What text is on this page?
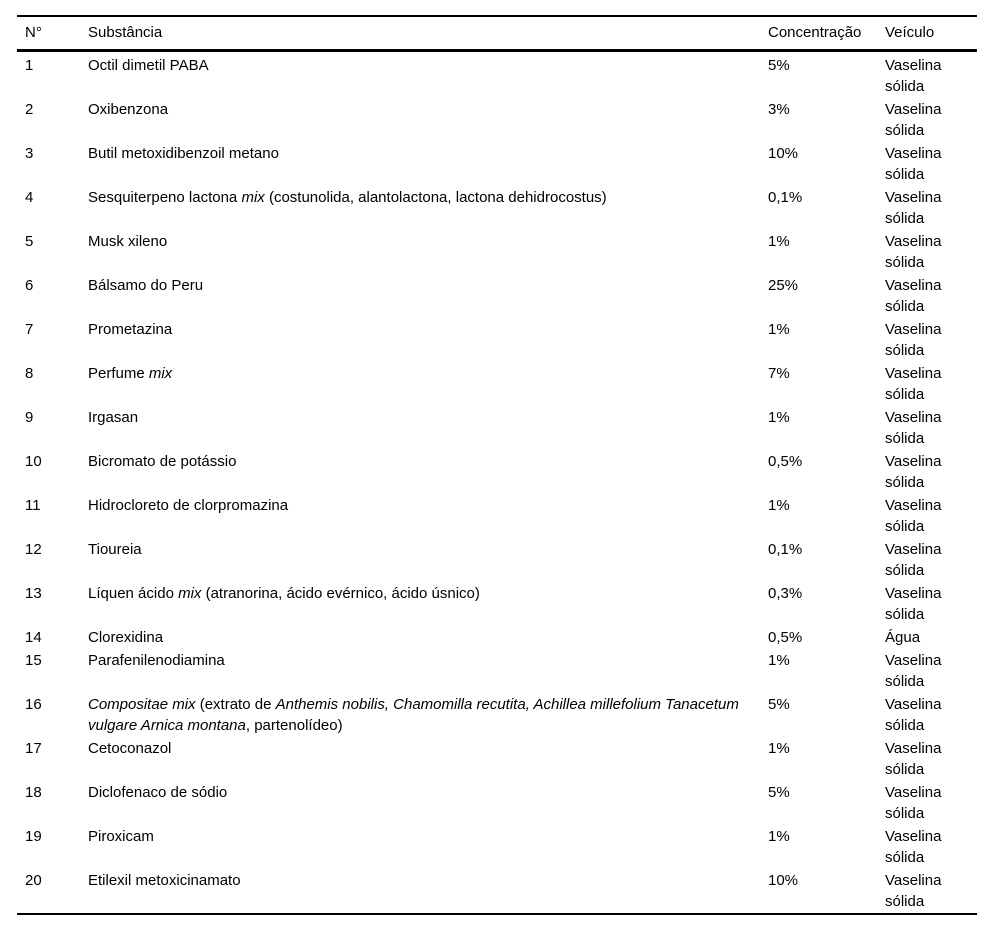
N°	Substância	Concentração	Veículo
1	Octil dimetil PABA	5%	Vaselina sólida
2	Oxibenzona	3%	Vaselina sólida
3	Butil metoxidibenzoil metano	10%	Vaselina sólida
4	Sesquiterpeno lactona mix (costunolida, alantolactona, lactona dehidrocostus)	0,1%	Vaselina sólida
5	Musk xileno	1%	Vaselina sólida
6	Bálsamo do Peru	25%	Vaselina sólida
7	Prometazina	1%	Vaselina sólida
8	Perfume mix	7%	Vaselina sólida
9	Irgasan	1%	Vaselina sólida
10	Bicromato de potássio	0,5%	Vaselina sólida
11	Hidrocloreto de clorpromazina	1%	Vaselina sólida
12	Tioureia	0,1%	Vaselina sólida
13	Líquen ácido mix (atranorina, ácido evérnico, ácido úsnico)	0,3%	Vaselina sólida
14	Clorexidina	0,5%	Água
15	Parafenilenodiamina	1%	Vaselina sólida
16	Compositae mix (extrato de Anthemis nobilis, Chamomilla recutita, Achillea millefolium Tanacetum vulgare Arnica montana, partenolídeo)	5%	Vaselina sólida
17	Cetoconazol	1%	Vaselina sólida
18	Diclofenaco de sódio	5%	Vaselina sólida
19	Piroxicam	1%	Vaselina sólida
20	Etilexil metoxicinamato	10%	Vaselina sólida
